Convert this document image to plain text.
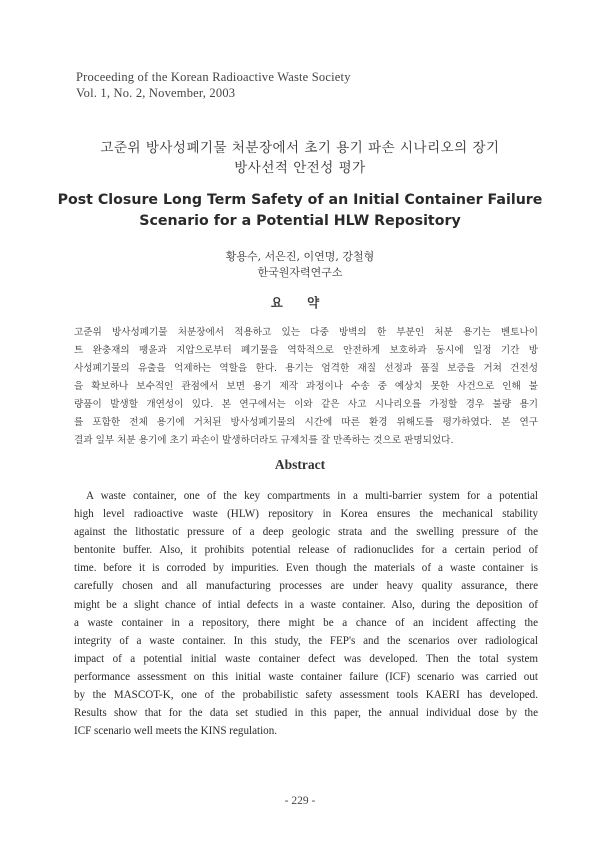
Proceeding of the Korean Radioactive Waste Society
Vol. 1, No. 2, November, 2003
고준위 방사성폐기물 처분장에서 초기 용기 파손 시나리오의 장기
방사선적 안전성 평가
Post Closure Long Term Safety of an Initial Container Failure
Scenario for a Potential HLW Repository
황용수, 서은진, 이연명, 강철형
한국원자력연구소
요 약
고준위 방사성폐기물 처분장에서 적용하고 있는 다중 방벽의 한 부분인 처분 용기는 벤토나이
트 완충재의 팽윤과 지압으로부터 폐기물을 역학적으로 안전하게 보호하과 동시에 일정 기간 방
사성폐기물의 유출을 억제하는 역할을 한다. 용기는 엄격한 재질 선정과 품질 보증을 거쳐 건전성
을 확보하나 보수적인 관점에서 보면 용기 제작 과정이나 수송 중 예상치 못한 사건으로 인해 불
량품이 발생할 개연성이 있다. 본 연구에서는 이와 같은 사고 시나리오를 가정할 경우 불량 용기
를 포함한 전체 용기에 거처된 방사성폐기물의 시간에 따른 환경 위해도를 평가하였다. 본 연구
결과 일부 처분 용기에 초기 파손이 발생하더라도 규제치를 잘 만족하는 것으로 판명되었다.
Abstract
A waste container, one of the key compartments in a multi-barrier system for a potential
high level radioactive waste (HLW) repository in Korea ensures the mechanical stability
against the lithostatic pressure of a deep geologic strata and the swelling pressure of the
bentonite buffer. Also, it prohibits potential release of radionuclides for a certain period of
time. before it is corroded by impurities. Even though the materials of a waste container is
carefully chosen and all manufacturing processes are under heavy quality assurance, there
might be a slight chance of intial defects in a waste container. Also, during the deposition of
a waste container in a repository, there might be a chance of an incident affecting the
integrity of a waste container. In this study, the FEP's and the scenarios over radiological
impact of a potential initial waste container defect was developed. Then the total system
performance assessment on this initial waste container failure (ICF) scenario was carried out
by the MASCOT-K, one of the probabilistic safety assessment tools KAERI has developed.
Results show that for the data set studied in this paper, the annual individual dose by the
ICF scenario well meets the KINS regulation.
- 229 -
